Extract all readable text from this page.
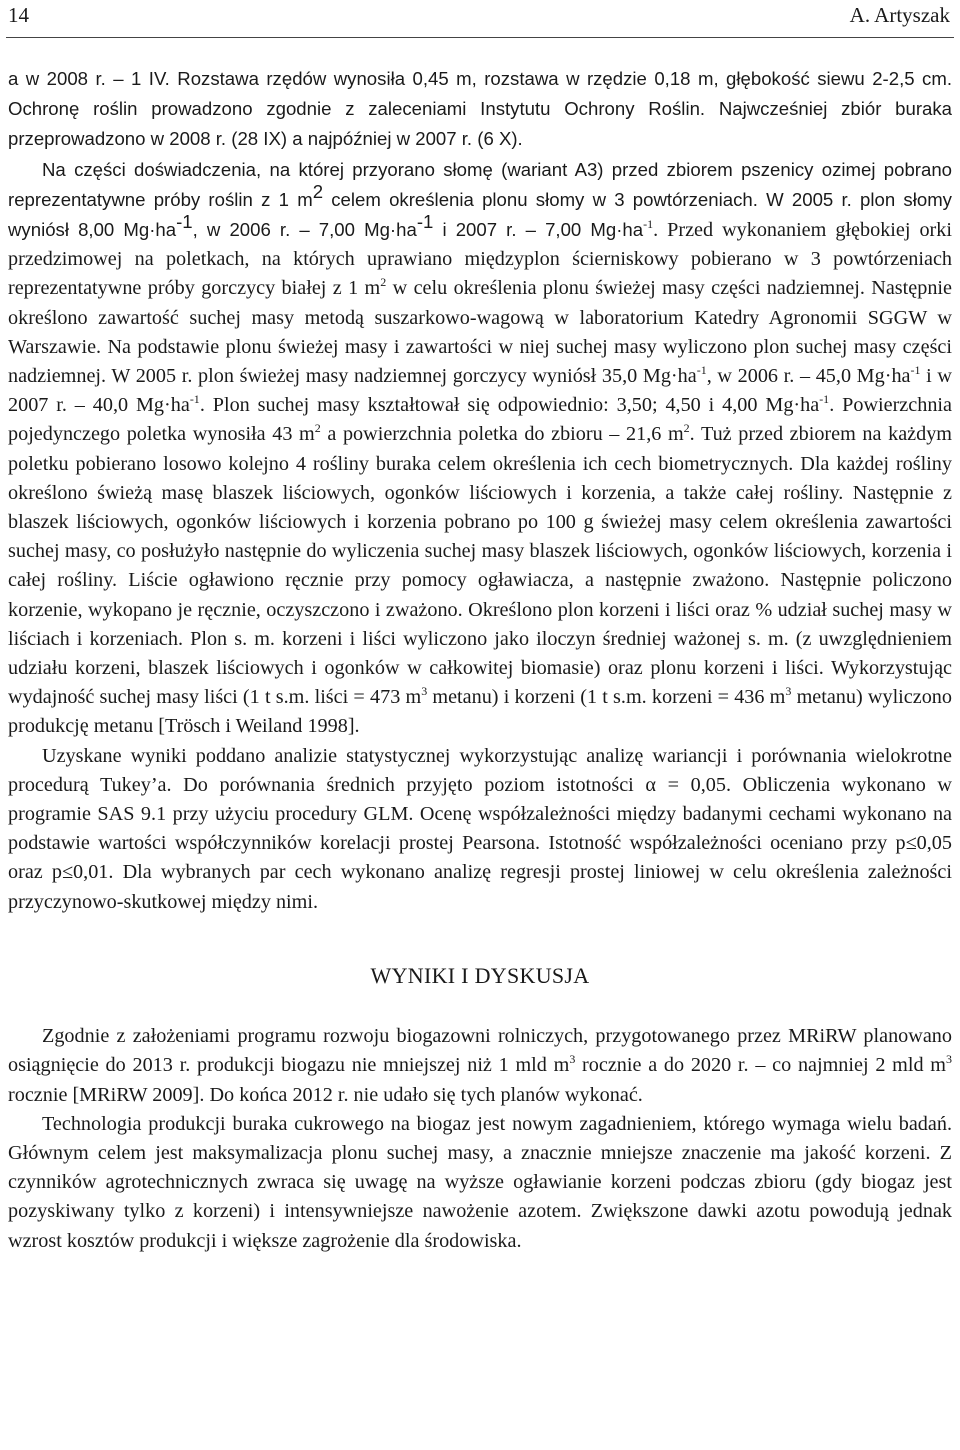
14	A. Artyszak

a w 2008 r. – 1 IV. Rozstawa rzędów wynosiła 0,45 m, rozstawa w rzędzie 0,18 m, głębokość siewu 2-2,5 cm. Ochronę roślin prowadzono zgodnie z zaleceniami Instytutu Ochrony Roślin. Najwcześniej zbiór buraka przeprowadzono w 2008 r. (28 IX) a najpóźniej w 2007 r. (6 X).

Na części doświadczenia, na której przyorano słomę (wariant A3) przed zbiorem pszenicy ozimej pobrano reprezentatywne próby roślin z 1 $m^2$ celem określenia plonu słomy w 3 powtórzeniach. W 2005 r. plon słomy wyniósł 8,00 $Mg\cdot ha^{-1}$, w 2006 r. – 7,00 $Mg\cdot ha^{-1}$ i 2007 r. – 7,00 $Mg\cdot ha^{-1}$. Przed wykonaniem głębokiej orki przedzimowej na poletkach, na których uprawiano międzyplon ścierniskowy pobierano w 3 powtórzeniach reprezentatywne próby gorczycy białej z 1 $m^2$ w celu określenia plonu świeżej masy części nadziemnej. Następnie określono zawartość suchej masy metodą suszarkowo-wagową w laboratorium Katedry Agronomii SGGW w Warszawie. Na podstawie plonu świeżej masy i zawartości w niej suchej masy wyliczono plon suchej masy części nadziemnej. W 2005 r. plon świeżej masy nadziemnej gorczycy wyniósł 35,0 $Mg\cdot ha^{-1}$, w 2006 r. – 45,0 $Mg\cdot ha^{-1}$ i w 2007 r. – 40,0 $Mg\cdot ha^{-1}$. Plon suchej masy kształtował się odpowiednio: 3,50; 4,50 i 4,00 $Mg\cdot ha^{-1}$. Powierzchnia pojedynczego poletka wynosiła 43 $m^2$ a powierzchnia poletka do zbioru – 21,6 $m^2$. Tuż przed zbiorem na każdym poletku pobierano losowo kolejno 4 rośliny buraka celem określenia ich cech biometrycznych. Dla każdej rośliny określono świeżą masę blaszek liściowych, ogonków liściowych i korzenia, a także całej rośliny. Następnie z blaszek liściowych, ogonków liściowych i korzenia pobrano po 100 g świeżej masy celem określenia zawartości suchej masy, co posłużyło następnie do wyliczenia suchej masy blaszek liściowych, ogonków liściowych, korzenia i całej rośliny. Liście ogławiono ręcznie przy pomocy ogławiacza, a następnie zważono. Następnie policzono korzenie, wykopano je ręcznie, oczyszczono i zważono. Określono plon korzeni i liści oraz % udział suchej masy w liściach i korzeniach. Plon s. m. korzeni i liści wyliczono jako iloczyn średniej ważonej s. m. (z uwzględnieniem udziału korzeni, blaszek liściowych i ogonków w całkowitej biomasie) oraz plonu korzeni i liści. Wykorzystując wydajność suchej masy liści (1 t s.m. liści = 473 $m^3$ metanu) i korzeni (1 t s.m. korzeni = 436 $m^3$ metanu) wyliczono produkcję metanu [Trösch i Weiland 1998].

Uzyskane wyniki poddano analizie statystycznej wykorzystując analizę wariancji i porównania wielokrotne procedurą Tukey’a. Do porównania średnich przyjęto poziom istotności α = 0,05. Obliczenia wykonano w programie SAS 9.1 przy użyciu procedury GLM. Ocenę współzależności między badanymi cechami wykonano na podstawie wartości współczynników korelacji prostej Pearsona. Istotność współzależności oceniano przy p≤0,05 oraz p≤0,01. Dla wybranych par cech wykonano analizę regresji prostej liniowej w celu określenia zależności przyczynowo-skutkowej między nimi.

WYNIKI I DYSKUSJA

Zgodnie z założeniami programu rozwoju biogazowni rolniczych, przygotowanego przez MRiRW planowano osiągnięcie do 2013 r. produkcji biogazu nie mniejszej niż 1 mld $m^3$ rocznie a do 2020 r. – co najmniej 2 mld $m^3$ rocznie [MRiRW 2009]. Do końca 2012 r. nie udało się tych planów wykonać.

Technologia produkcji buraka cukrowego na biogaz jest nowym zagadnieniem, którego wymaga wielu badań. Głównym celem jest maksymalizacja plonu suchej masy, a znacznie mniejsze znaczenie ma jakość korzeni. Z czynników agrotechnicznych zwraca się uwagę na wyższe ogławianie korzeni podczas zbioru (gdy biogaz jest pozyskiwany tylko z korzeni) i intensywniejsze nawożenie azotem. Zwiększone dawki azotu powodują jednak wzrost kosztów produkcji i większe zagrożenie dla środowiska.
